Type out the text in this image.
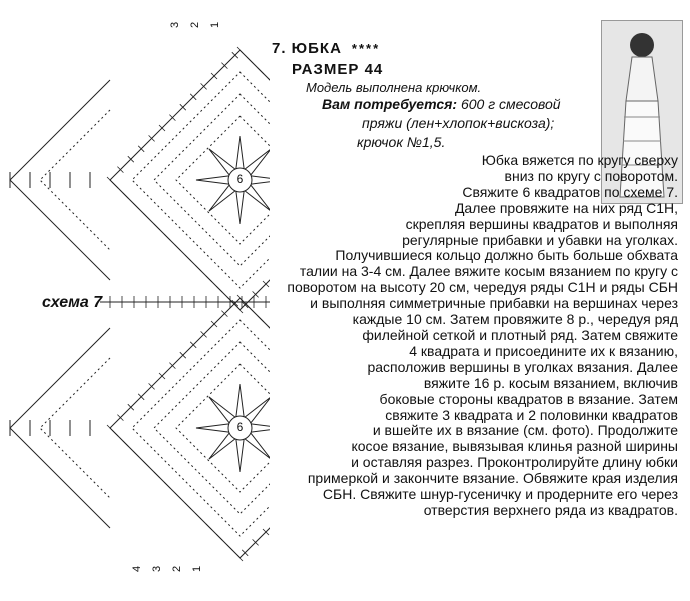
6
6
3 2 1
4 3 2 1
7. ЮБКА ****
РАЗМЕР 44
Модель выполнена крючком.
Вам потребуется: 600 г смесовой
пряжи (лен+хлопок+вискоза);
крючок №1,5.
Юбка вяжется по кругу сверху
вниз по кругу с поворотом.
Свяжите 6 квадратов по схеме 7.
Далее провяжите на них ряд С1Н,
скрепляя вершины квадратов и выполняя
регулярные прибавки и убавки на уголках.
Получившиеся кольцо должно быть больше обхвата
талии на 3-4 см. Далее вяжите косым вязанием по кругу с
поворотом на высоту 20 см, чередуя ряды С1Н и ряды СБН
и выполняя симметричные прибавки на вершинах через
каждые 10 см. Затем провяжите 8 р., чередуя ряд
филейной сеткой и плотный ряд. Затем свяжите
4 квадрата и присоедините их к вязанию,
расположив вершины в уголках вязания. Далее
вяжите 16 р. косым вязанием, включив
боковые стороны квадратов в вязание. Затем
свяжите 3 квадрата и 2 половинки квадратов
и вшейте их в вязание (см. фото). Продолжите
косое вязание, вывязывая клинья разной ширины
и оставляя разрез. Проконтролируйте длину юбки
примеркой и закончите вязание. Обвяжите края изделия
СБН. Свяжите шнур-гусеничку и продерните его через
отверстия верхнего ряда из квадратов.
схема 7
